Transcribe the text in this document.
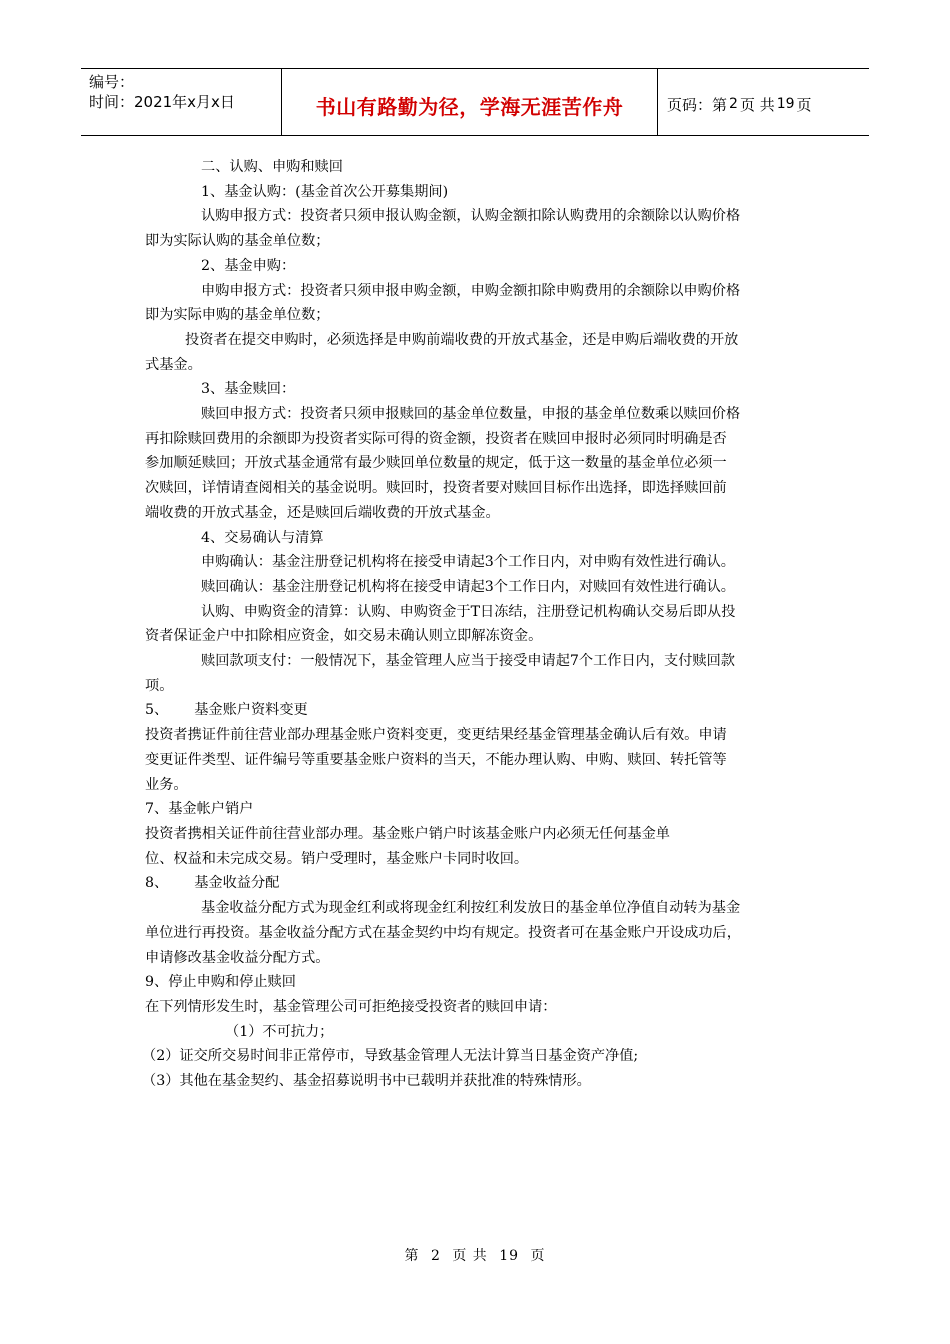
编号：
时间：2021年x月x日	书山有路勤为径，学海无涯苦作舟	页码：第 2 页 共 19 页

二、认购、申购和赎回

1、基金认购：(基金首次公开募集期间)

认购申报方式：投资者只须申报认购金额，认购金额扣除认购费用的余额除以认购价格

即为实际认购的基金单位数；

2、基金申购：

申购申报方式：投资者只须申报申购金额，申购金额扣除申购费用的余额除以申购价格

即为实际申购的基金单位数；

投资者在提交申购时，必须选择是申购前端收费的开放式基金，还是申购后端收费的开放

式基金。

3、基金赎回：

赎回申报方式：投资者只须申报赎回的基金单位数量，申报的基金单位数乘以赎回价格

再扣除赎回费用的余额即为投资者实际可得的资金额，投资者在赎回申报时必须同时明确是否

参加顺延赎回；开放式基金通常有最少赎回单位数量的规定，低于这一数量的基金单位必须一

次赎回，详情请查阅相关的基金说明。赎回时，投资者要对赎回目标作出选择，即选择赎回前

端收费的开放式基金，还是赎回后端收费的开放式基金。

4、交易确认与清算

申购确认：基金注册登记机构将在接受申请起3个工作日内，对申购有效性进行确认。

赎回确认：基金注册登记机构将在接受申请起3个工作日内，对赎回有效性进行确认。

认购、申购资金的清算：认购、申购资金于T日冻结，注册登记机构确认交易后即从投

资者保证金户中扣除相应资金，如交易未确认则立即解冻资金。

赎回款项支付：一般情况下，基金管理人应当于接受申请起7个工作日内，支付赎回款

项。

5、 基金账户资料变更

投资者携证件前往营业部办理基金账户资料变更，变更结果经基金管理基金确认后有效。申请

变更证件类型、证件编号等重要基金账户资料的当天，不能办理认购、申购、赎回、转托管等

业务。

7、基金帐户销户

投资者携相关证件前往营业部办理。基金账户销户时该基金账户内必须无任何基金单

位、权益和未完成交易。销户受理时，基金账户卡同时收回。

8、 基金收益分配

基金收益分配方式为现金红利或将现金红利按红利发放日的基金单位净值自动转为基金

单位进行再投资。基金收益分配方式在基金契约中均有规定。投资者可在基金账户开设成功后，

申请修改基金收益分配方式。

9、停止申购和停止赎回

在下列情形发生时，基金管理公司可拒绝接受投资者的赎回申请：

（1）不可抗力；

（2）证交所交易时间非正常停市，导致基金管理人无法计算当日基金资产净值;

（3）其他在基金契约、基金招募说明书中已载明并获批准的特殊情形。

第 2 页 共 19 页
